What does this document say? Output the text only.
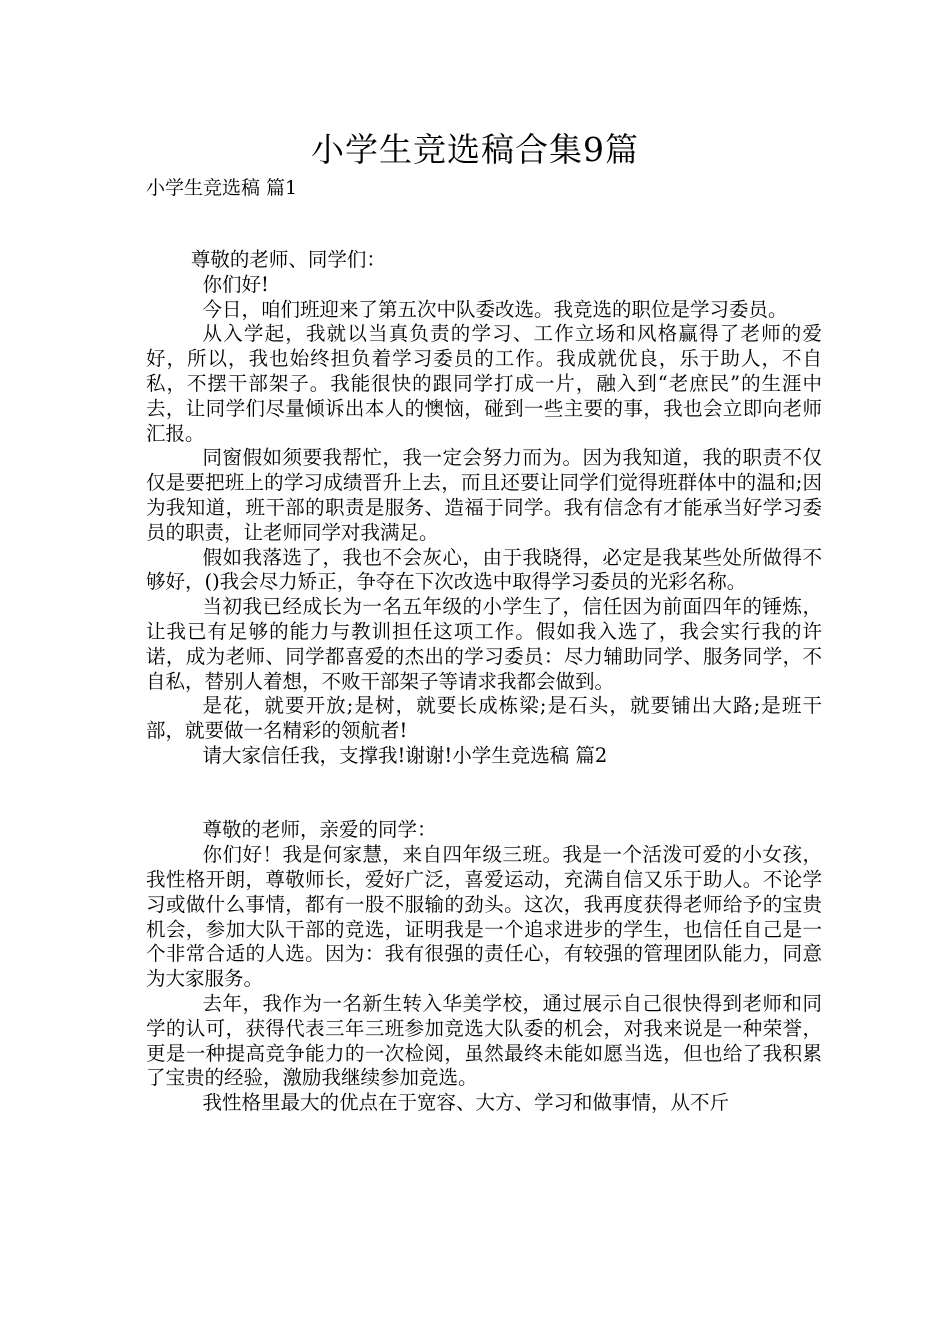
小学生竞选稿合集9篇
小学生竞选稿 篇1

尊敬的老师、同学们：

你们好!

今日，咱们班迎来了第五次中队委改选。我竞选的职位是学习委员。

从入学起，我就以当真负责的学习、工作立场和风格赢得了老师的爱好，所以，我也始终担负着学习委员的工作。我成就优良，乐于助人，不自私，不摆干部架子。我能很快的跟同学打成一片，融入到“老庶民”的生涯中去，让同学们尽量倾诉出本人的懊恼，碰到一些主要的事，我也会立即向老师汇报。

同窗假如须要我帮忙，我一定会努力而为。因为我知道，我的职责不仅仅是要把班上的学习成绩晋升上去，而且还要让同学们觉得班群体中的温和;因为我知道，班干部的职责是服务、造福于同学。我有信念有才能承当好学习委员的职责，让老师同学对我满足。

假如我落选了，我也不会灰心，由于我晓得，必定是我某些处所做得不够好，()我会尽力矫正，争夺在下次改选中取得学习委员的光彩名称。

当初我已经成长为一名五年级的小学生了，信任因为前面四年的锤炼，让我已有足够的能力与教训担任这项工作。假如我入选了，我会实行我的许诺，成为老师、同学都喜爱的杰出的学习委员：尽力辅助同学、服务同学，不自私，替别人着想，不败干部架子等请求我都会做到。

是花，就要开放;是树，就要长成栋梁;是石头，就要铺出大路;是班干部，就要做一名精彩的领航者!

请大家信任我，支撑我!谢谢!小学生竞选稿 篇2

尊敬的老师，亲爱的同学：

你们好！我是何家慧，来自四年级三班。我是一个活泼可爱的小女孩，我性格开朗，尊敬师长，爱好广泛，喜爱运动，充满自信又乐于助人。不论学习或做什么事情，都有一股不服输的劲头。这次，我再度获得老师给予的宝贵机会，参加大队干部的竞选，证明我是一个追求进步的学生，也信任自己是一个非常合适的人选。因为：我有很强的责任心，有较强的管理团队能力，同意为大家服务。

去年，我作为一名新生转入华美学校，通过展示自己很快得到老师和同学的认可，获得代表三年三班参加竞选大队委的机会，对我来说是一种荣誉，更是一种提高竞争能力的一次检阅，虽然最终未能如愿当选，但也给了我积累了宝贵的经验，激励我继续参加竞选。

我性格里最大的优点在于宽容、大方、学习和做事情，从不斤
